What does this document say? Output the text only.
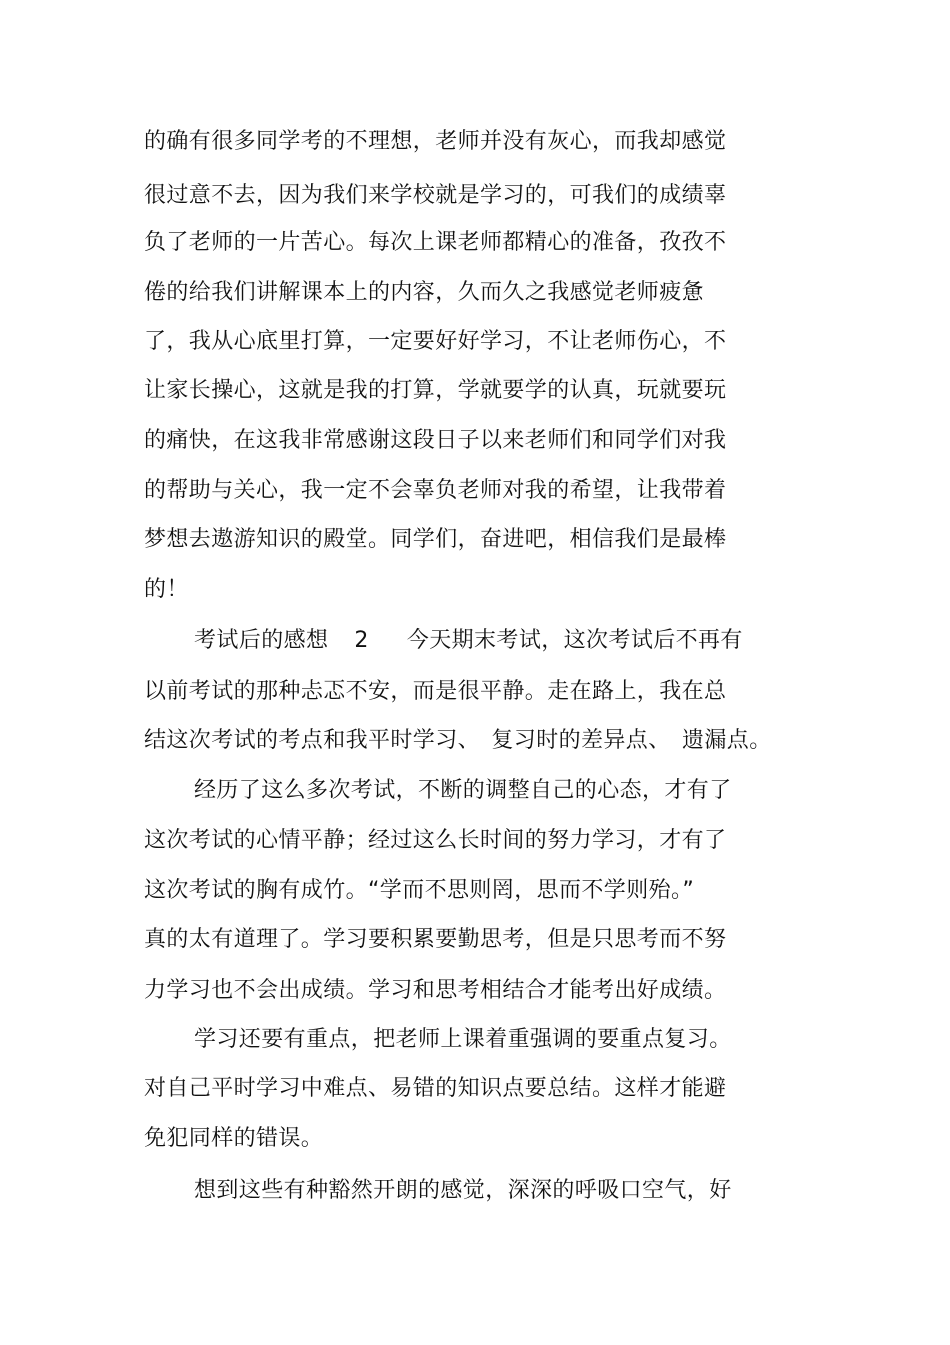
的确有很多同学考的不理想，老师并没有灰心，而我却感觉
很过意不去，因为我们来学校就是学习的，可我们的成绩辜
负了老师的一片苦心。每次上课老师都精心的准备，孜孜不
倦的给我们讲解课本上的内容，久而久之我感觉老师疲惫
了，我从心底里打算，一定要好好学习，不让老师伤心，不
让家长操心，这就是我的打算，学就要学的认真，玩就要玩
的痛快，在这我非常感谢这段日子以来老师们和同学们对我
的帮助与关心，我一定不会辜负老师对我的希望，让我带着
梦想去遨游知识的殿堂。同学们，奋进吧，相信我们是最棒
的！
考试后的感想 2 今天期末考试，这次考试后不再有
以前考试的那种忐忑不安，而是很平静。走在路上，我在总
结这次考试的考点和我平时学习、　复习时的差异点、　遗漏点。
经历了这么多次考试，不断的调整自己的心态，才有了
这次考试的心情平静；经过这么长时间的努力学习，才有了
这次考试的胸有成竹。“学而不思则罔，思而不学则殆。”
真的太有道理了。学习要积累要勤思考，但是只思考而不努
力学习也不会出成绩。学习和思考相结合才能考出好成绩。
学习还要有重点，把老师上课着重强调的要重点复习。
对自己平时学习中难点、易错的知识点要总结。这样才能避
免犯同样的错误。
想到这些有种豁然开朗的感觉，深深的呼吸口空气，好
